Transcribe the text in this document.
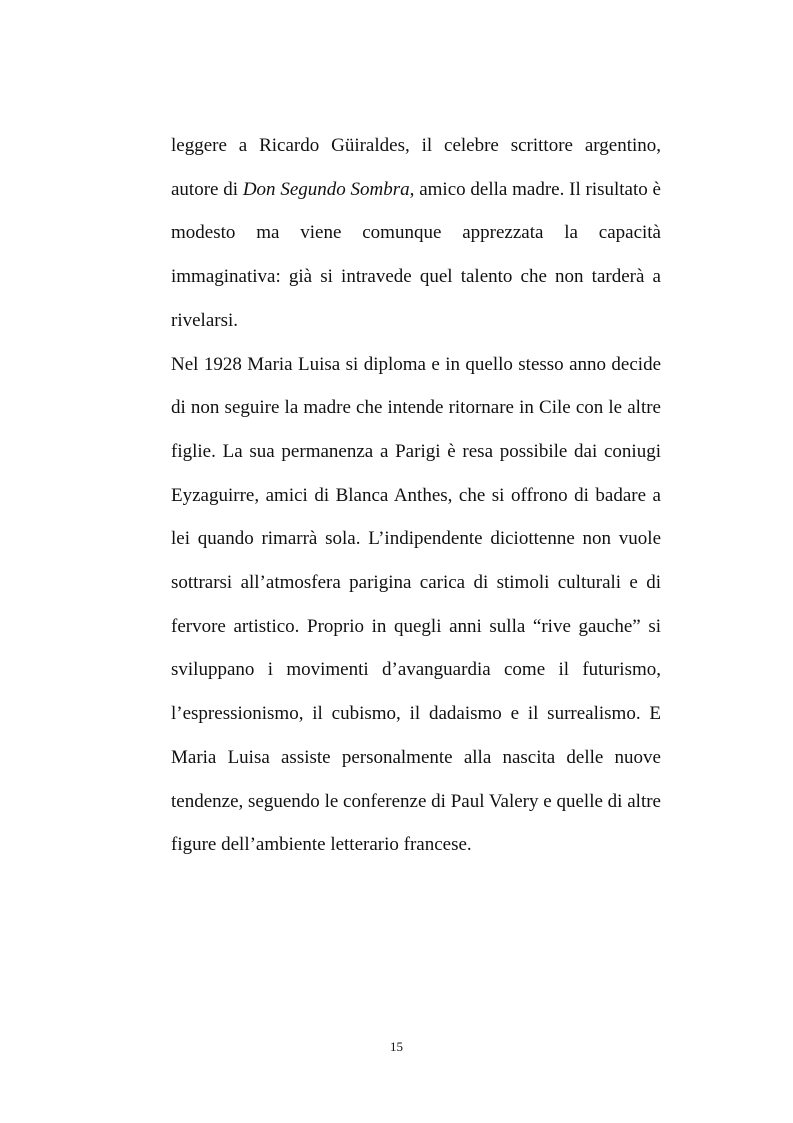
leggere a Ricardo Güiraldes, il celebre scrittore argentino, autore di Don Segundo Sombra, amico della madre. Il risultato è modesto ma viene comunque apprezzata la capacità immaginativa: già si intravede quel talento che non tarderà a rivelarsi.

Nel 1928 Maria Luisa si diploma e in quello stesso anno decide di non seguire la madre che intende ritornare in Cile con le altre figlie. La sua permanenza a Parigi è resa possibile dai coniugi Eyzaguirre, amici di Blanca Anthes, che si offrono di badare a lei quando rimarrà sola. L’indipendente diciottenne non vuole sottrarsi all’atmosfera parigina carica di stimoli culturali e di fervore artistico. Proprio in quegli anni sulla “rive gauche” si sviluppano i movimenti d’avanguardia come il futurismo, l’espressionismo, il cubismo, il dadaismo e il surrealismo. E Maria Luisa assiste personalmente alla nascita delle nuove tendenze, seguendo le conferenze di Paul Valery e quelle di altre figure dell’ambiente letterario francese.

15
